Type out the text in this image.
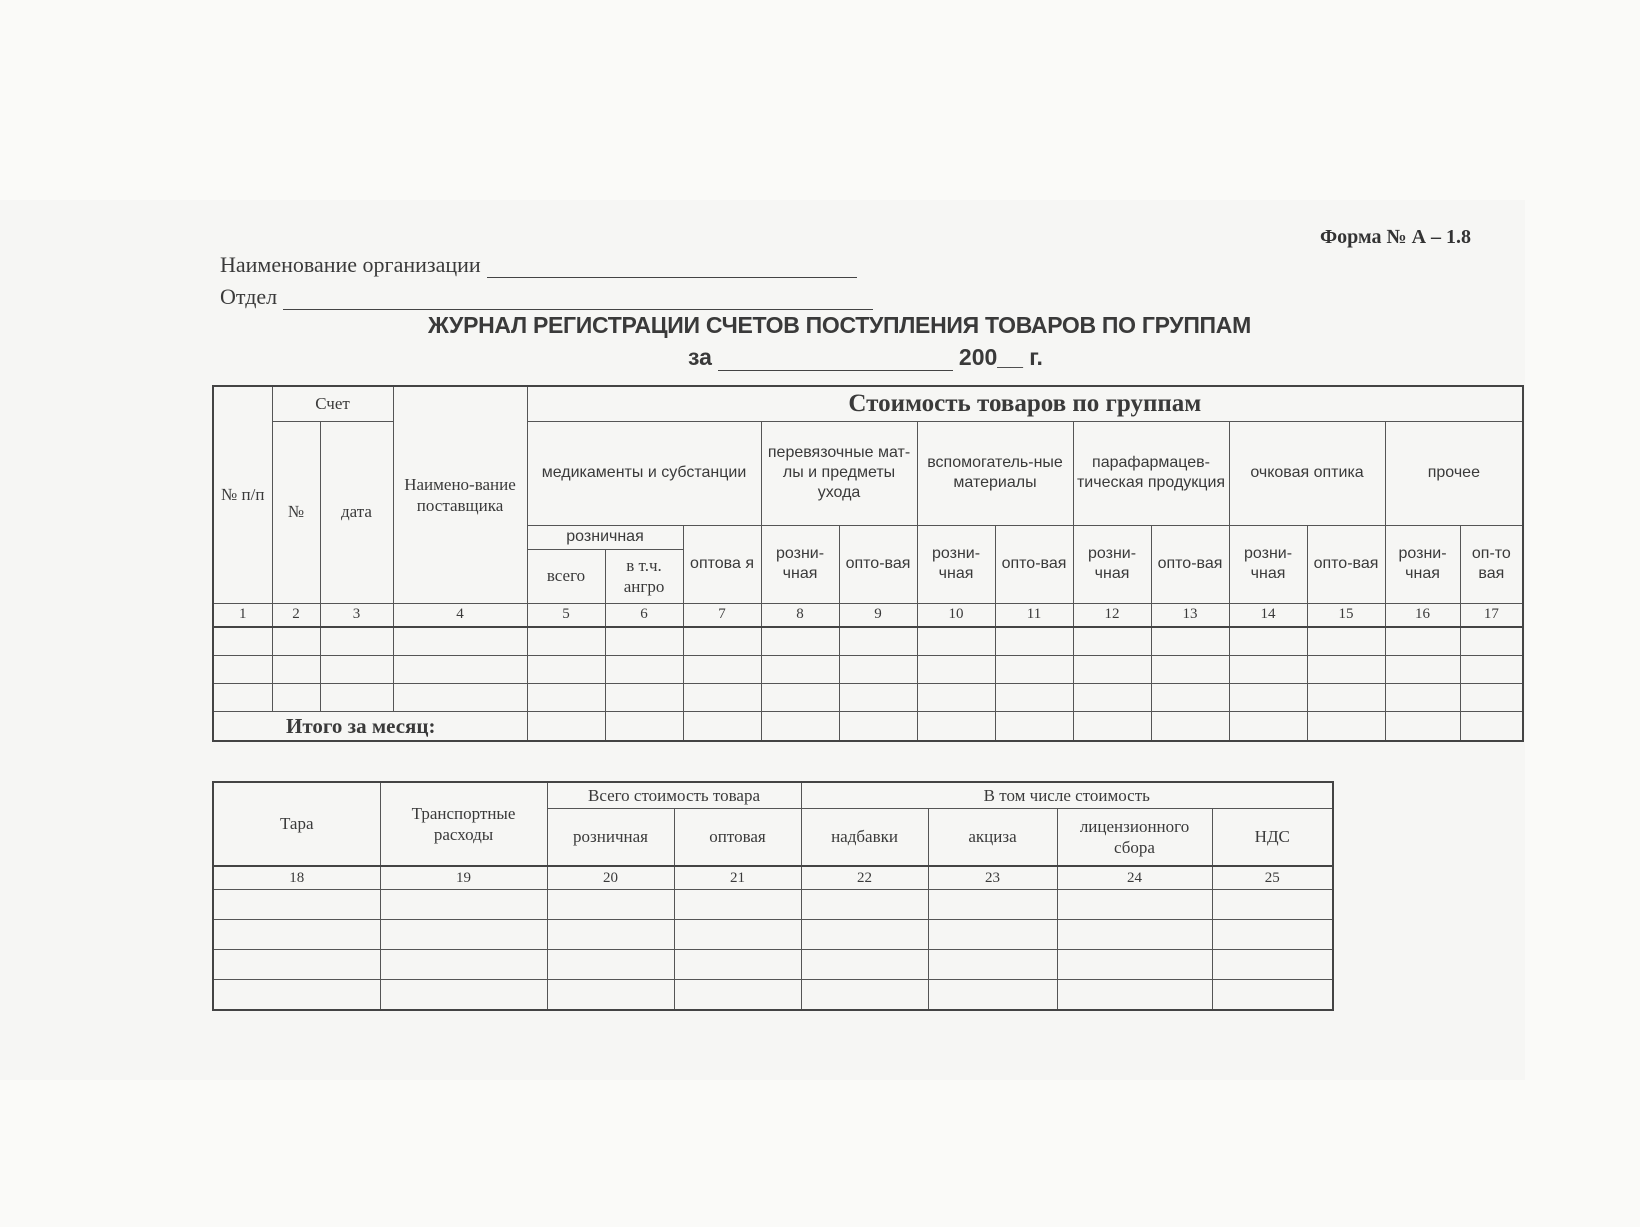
Форма № А – 1.8
Наименование организации
Отдел
ЖУРНАЛ РЕГИСТРАЦИИ СЧЕТОВ ПОСТУПЛЕНИЯ ТОВАРОВ ПО ГРУППАМ
за	200__ г.
№ п/п	Счет		Наимено-вание поставщика	Стоимость товаров по группам												
	№	дата		медикаменты и субстанции			перевязочные мат-лы и предметы ухода		вспомогатель-ные материалы		парафармацев-тическая продукция		очковая оптика		прочее	
				розничная		оптова я	розни-чная	опто-вая	розни-чная	опто-вая	розни-чная	опто-вая	розни-чная	опто-вая	розни-чная	оп-то вая
				всего	в т.ч. ангро											
1	2	3	4	5	6	7	8	9	10	11	12	13	14	15	16	17

Итого за месяц:																
Тара	Транспортные расходы	Всего стоимость товара		В том числе стоимость			
		розничная	оптовая	надбавки	акциза	лицензионного сбора	НДС
18	19	20	21	22	23	24	25
